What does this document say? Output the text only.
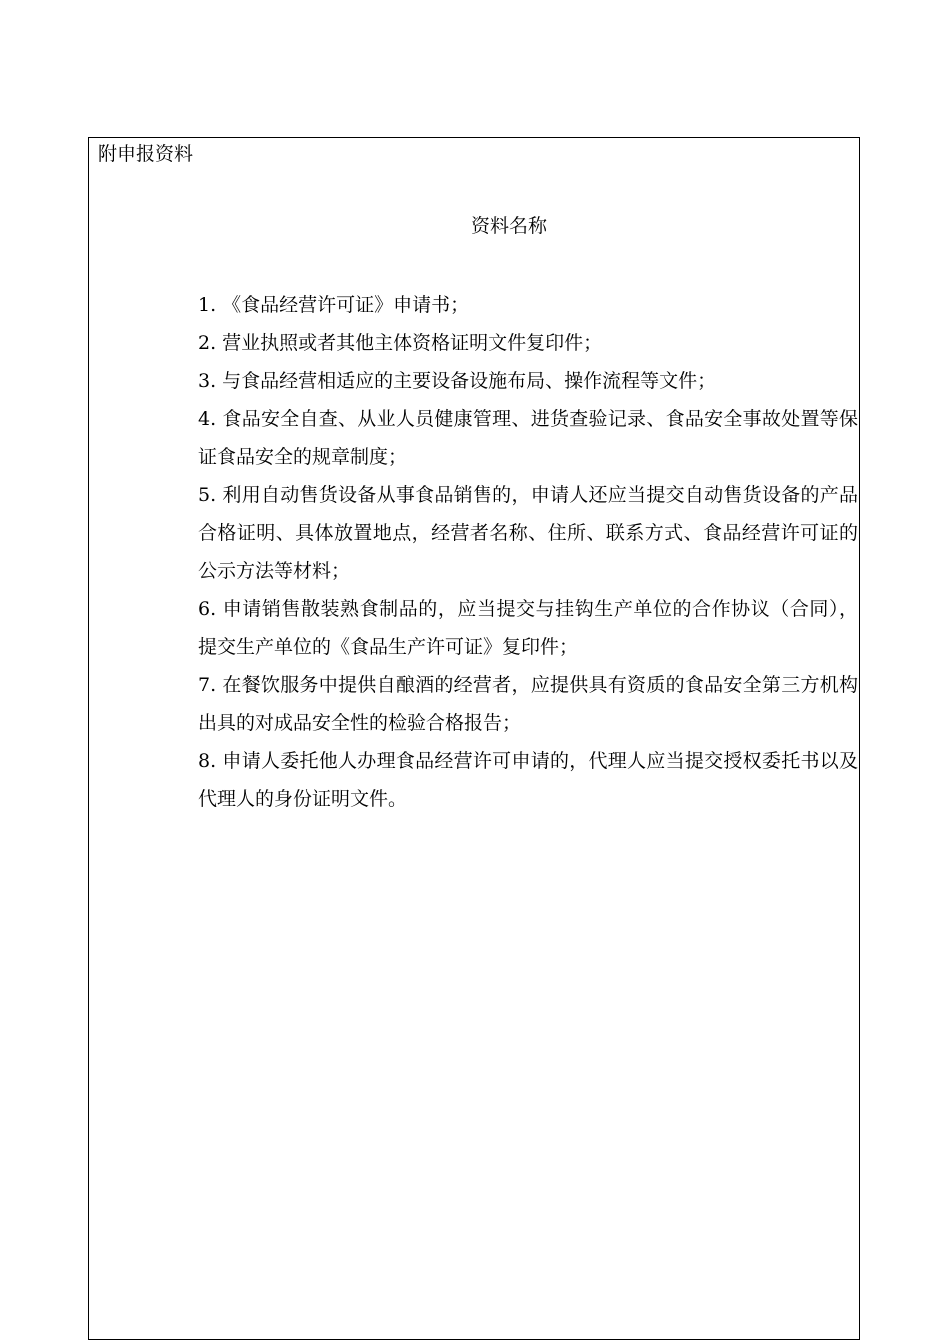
附申报资料

资料名称

1. 《食品经营许可证》申请书；
2. 营业执照或者其他主体资格证明文件复印件；
3. 与食品经营相适应的主要设备设施布局、操作流程等文件；
4. 食品安全自查、从业人员健康管理、进货查验记录、食品安全事故处置等保证食品安全的规章制度；
5. 利用自动售货设备从事食品销售的，申请人还应当提交自动售货设备的产品合格证明、具体放置地点，经营者名称、住所、联系方式、食品经营许可证的公示方法等材料；
6. 申请销售散装熟食制品的，应当提交与挂钩生产单位的合作协议（合同），提交生产单位的《食品生产许可证》复印件；
7. 在餐饮服务中提供自酿酒的经营者，应提供具有资质的食品安全第三方机构出具的对成品安全性的检验合格报告；
8. 申请人委托他人办理食品经营许可申请的，代理人应当提交授权委托书以及代理人的身份证明文件。
